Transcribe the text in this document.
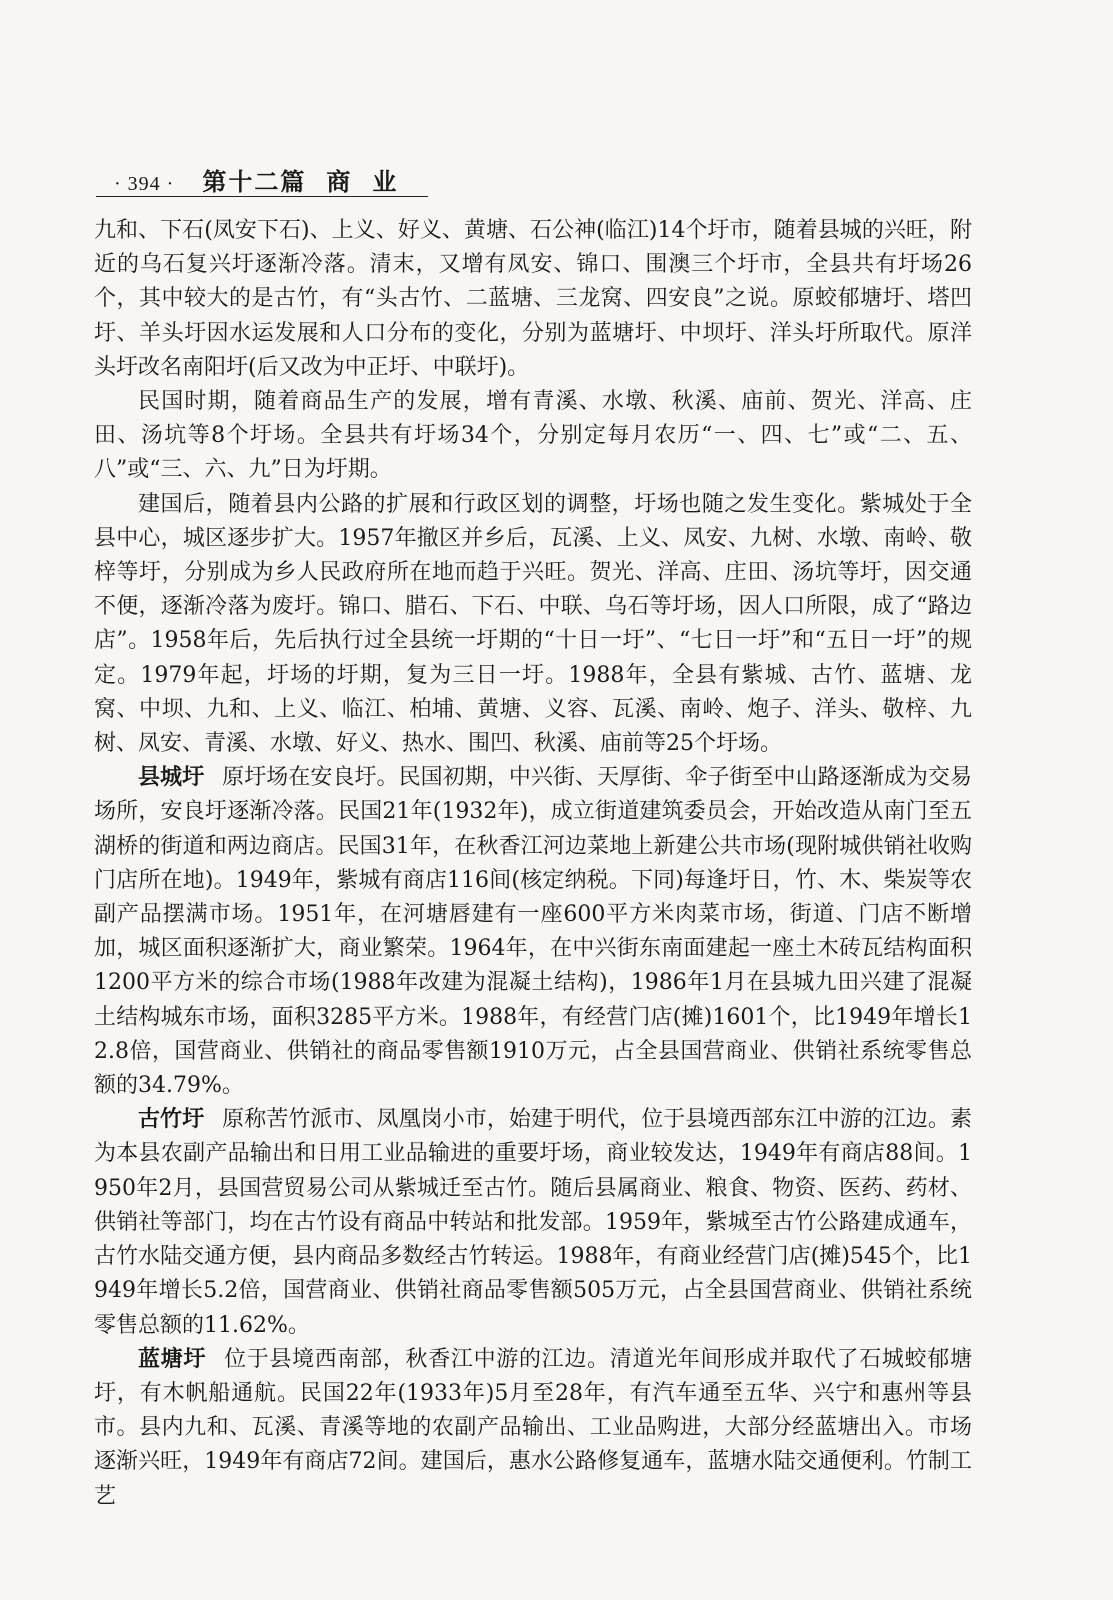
· 394 · 第十二篇 商 业

九和、下石(凤安下石)、上义、好义、黄塘、石公神(临江)14个圩市，随着县城的兴旺，附近的乌石复兴圩逐渐冷落。清末，又增有凤安、锦口、围澳三个圩市，全县共有圩场26个，其中较大的是古竹，有“头古竹、二蓝塘、三龙窝、四安良”之说。原蛟郁塘圩、塔凹圩、羊头圩因水运发展和人口分布的变化，分别为蓝塘圩、中坝圩、洋头圩所取代。原洋头圩改名南阳圩(后又改为中正圩、中联圩)。

民国时期，随着商品生产的发展，增有青溪、水墩、秋溪、庙前、贺光、洋高、庄田、汤坑等8个圩场。全县共有圩场34个，分别定每月农历“一、四、七”或“二、五、八”或“三、六、九”日为圩期。

建国后，随着县内公路的扩展和行政区划的调整，圩场也随之发生变化。紫城处于全县中心，城区逐步扩大。1957年撤区并乡后，瓦溪、上义、凤安、九树、水墩、南岭、敬梓等圩，分别成为乡人民政府所在地而趋于兴旺。贺光、洋高、庄田、汤坑等圩，因交通不便，逐渐冷落为废圩。锦口、腊石、下石、中联、乌石等圩场，因人口所限，成了“路边店”。1958年后，先后执行过全县统一圩期的“十日一圩”、“七日一圩”和“五日一圩”的规定。1979年起，圩场的圩期，复为三日一圩。1988年，全县有紫城、古竹、蓝塘、龙窝、中坝、九和、上义、临江、柏埔、黄塘、义容、瓦溪、南岭、炮子、洋头、敬梓、九树、凤安、青溪、水墩、好义、热水、围凹、秋溪、庙前等25个圩场。

县城圩 原圩场在安良圩。民国初期，中兴街、天厚街、伞子街至中山路逐渐成为交易场所，安良圩逐渐冷落。民国21年(1932年)，成立街道建筑委员会，开始改造从南门至五湖桥的街道和两边商店。民国31年，在秋香江河边菜地上新建公共市场(现附城供销社收购门店所在地)。1949年，紫城有商店116间(核定纳税。下同)每逢圩日，竹、木、柴炭等农副产品摆满市场。1951年，在河塘唇建有一座600平方米肉菜市场，街道、门店不断增加，城区面积逐渐扩大，商业繁荣。1964年，在中兴街东南面建起一座土木砖瓦结构面积1200平方米的综合市场(1988年改建为混凝土结构)，1986年1月在县城九田兴建了混凝土结构城东市场，面积3285平方米。1988年，有经营门店(摊)1601个，比1949年增长12.8倍，国营商业、供销社的商品零售额1910万元，占全县国营商业、供销社系统零售总额的34.79%。

古竹圩 原称苦竹派市、凤凰岗小市，始建于明代，位于县境西部东江中游的江边。素为本县农副产品输出和日用工业品输进的重要圩场，商业较发达，1949年有商店88间。1950年2月，县国营贸易公司从紫城迁至古竹。随后县属商业、粮食、物资、医药、药材、供销社等部门，均在古竹设有商品中转站和批发部。1959年，紫城至古竹公路建成通车，古竹水陆交通方便，县内商品多数经古竹转运。1988年，有商业经营门店(摊)545个，比1949年增长5.2倍，国营商业、供销社商品零售额505万元，占全县国营商业、供销社系统零售总额的11.62%。

蓝塘圩 位于县境西南部，秋香江中游的江边。清道光年间形成并取代了石城蛟郁塘圩，有木帆船通航。民国22年(1933年)5月至28年，有汽车通至五华、兴宁和惠州等县市。县内九和、瓦溪、青溪等地的农副产品输出、工业品购进，大部分经蓝塘出入。市场逐渐兴旺，1949年有商店72间。建国后，惠水公路修复通车，蓝塘水陆交通便利。竹制工艺
